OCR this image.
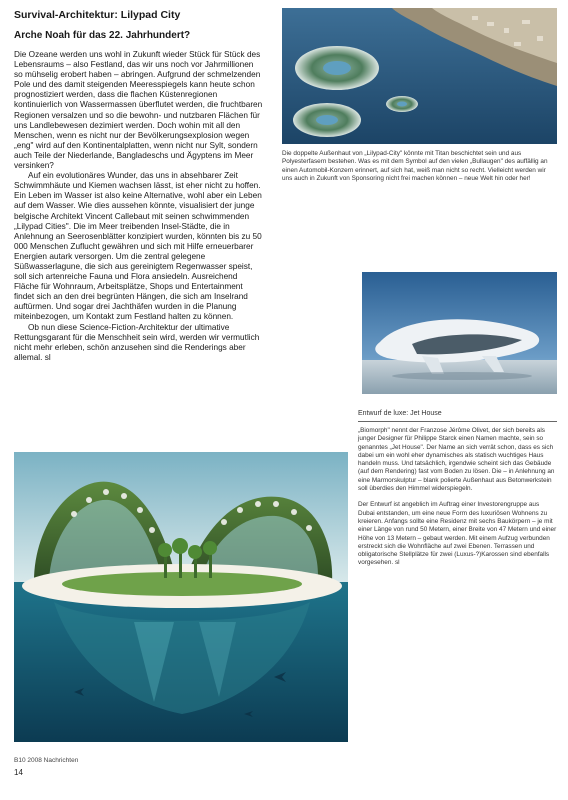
Survival-Architektur: Lilypad City
Arche Noah für das 22. Jahrhundert?

Die Ozeane werden uns wohl in Zukunft wieder Stück für Stück des Lebensraums – also Festland, das wir uns noch vor Jahrmillionen so mühselig erobert haben – abringen. Aufgrund der schmelzenden Pole und des damit steigenden Meeresspiegels kann heute schon prognostiziert werden, dass die flachen Küstenregionen kontinuierlich von Wassermassen überflutet werden, die fruchtbaren Regionen versalzen und so die bewohn- und nutzbaren Flächen für uns Landlebewesen dezimiert werden. Doch wohin mit all den Menschen, wenn es nicht nur der Bevölkerungsexplosion wegen „eng" wird auf den Kontinentalplatten, wenn nicht nur Sylt, sondern auch Teile der Niederlande, Bangladeschs und Ägyptens im Meer versinken?

Auf ein evolutionäres Wunder, das uns in absehbarer Zeit Schwimmhäute und Kiemen wachsen lässt, ist eher nicht zu hoffen. Ein Leben im Wasser ist also keine Alternative, wohl aber ein Leben auf dem Wasser. Wie dies aussehen könnte, visualisiert der junge belgische Architekt Vincent Callebaut mit seinen schwimmenden „Lilypad Cities". Die im Meer treibenden Insel-Städte, die in Anlehnung an Seerosenblätter konzipiert wurden, könnten bis zu 50 000 Menschen Zuflucht gewähren und sich mit Hilfe erneuerbarer Energien autark versorgen. Um die zentral gelegene Süßwasserlagune, die sich aus gereinigtem Regenwasser speist, soll sich artenreiche Fauna und Flora ansiedeln. Ausreichend Fläche für Wohnraum, Arbeitsplätze, Shops und Entertainment findet sich an den drei begrünten Hängen, die sich am Inselrand auftürmen. Und sogar drei Jachthäfen wurden in die Planung miteinbezogen, um Kontakt zum Festland halten zu können.

Ob nun diese Science-Fiction-Architektur der ultimative Rettungsgarant für die Menschheit sein wird, werden wir vermutlich nicht mehr erleben, schön anzusehen sind die Renderings aber allemal. sl

Die doppelte Außenhaut von „Lilypad-City" könnte mit Titan beschichtet sein und aus Polyesterfasern bestehen. Was es mit dem Symbol auf den vielen „Bullaugen" des auffällig an einen Automobil-Konzern erinnert, auf sich hat, weiß man nicht so recht. Vielleicht werden wir uns auch in Zukunft von Sponsoring nicht frei machen können – neue Welt hin oder her!
Entwurf de luxe: Jet House

„Biomorph" nennt der Franzose Jérôme Olivet, der sich bereits als junger Designer für Philippe Starck einen Namen machte, sein so genanntes „Jet House". Der Name an sich verrät schon, dass es sich dabei um ein wohl eher dynamisches als statisch wuchtiges Haus handeln muss. Und tatsächlich, irgendwie scheint sich das Gebäude (auf dem Rendering) fast vom Boden zu lösen. Die – in Anlehnung an eine Marmorskulptur – blank polierte Außenhaut aus Betonwerkstein soll überdies den Himmel widerspiegeln.

Der Entwurf ist angeblich im Auftrag einer Investorengruppe aus Dubai entstanden, um eine neue Form des luxuriösen Wohnens zu kreieren. Anfangs sollte eine Residenz mit sechs Baukörpern – je mit einer Länge von rund 50 Metern, einer Breite von 47 Metern und einer Höhe von 13 Metern – gebaut werden. Mit einem Aufzug verbunden erstreckt sich die Wohnfläche auf zwei Ebenen. Terrassen und obligatorische Stellplätze für zwei (Luxus-?)Karossen sind ebenfalls vorgesehen. sl

B10 2008 Nachrichten
14
